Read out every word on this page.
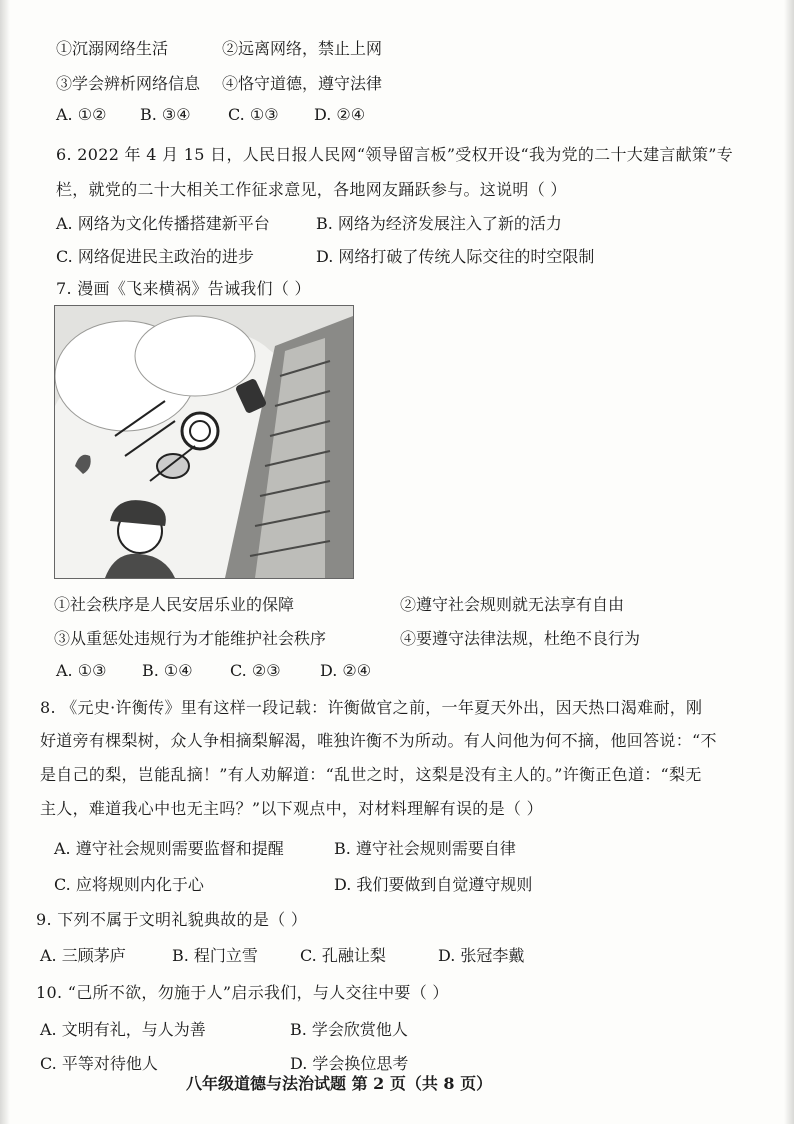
①沉溺网络生活	②远离网络，禁止上网
③学会辨析网络信息 ④恪守道德，遵守法律
A. ①② B. ③④ C. ①③ D. ②④
6. 2022 年 4 月 15 日，人民日报人民网“领导留言板”受权开设“我为党的二十大建言献策”专
栏，就党的二十大相关工作征求意见，各地网友踊跃参与。这说明（ ）
A. 网络为文化传播搭建新平台	B. 网络为经济发展注入了新的活力
C. 网络促进民主政治的进步	D. 网络打破了传统人际交往的时空限制
7. 漫画《飞来横祸》告诫我们（ ）
①社会秩序是人民安居乐业的保障	②遵守社会规则就无法享有自由
③从重惩处违规行为才能维护社会秩序	④要遵守法律法规，杜绝不良行为
A. ①③ B. ①④ C. ②③ D. ②④
8. 《元史·许衡传》里有这样一段记载：许衡做官之前，一年夏天外出，因天热口渴难耐，刚
好道旁有棵梨树，众人争相摘梨解渴，唯独许衡不为所动。有人问他为何不摘，他回答说：“不
是自己的梨，岂能乱摘！”有人劝解道：“乱世之时，这梨是没有主人的。”许衡正色道：“梨无
主人，难道我心中也无主吗？”以下观点中，对材料理解有误的是（ ）
A. 遵守社会规则需要监督和提醒	B. 遵守社会规则需要自律
C. 应将规则内化于心	D. 我们要做到自觉遵守规则
9. 下列不属于文明礼貌典故的是（ ）
A. 三顾茅庐	B. 程门立雪	C. 孔融让梨	D. 张冠李戴
10. “己所不欲，勿施于人”启示我们，与人交往中要（ ）
A. 文明有礼，与人为善	B. 学会欣赏他人
C. 平等对待他人	D. 学会换位思考
八年级道德与法治试题 第 2 页（共 8 页）
